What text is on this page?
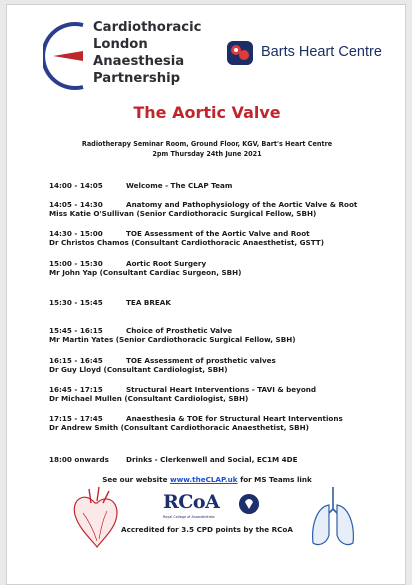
Cardiothoracic
London
Anaesthesia
Partnership
Barts Heart Centre
The Aortic Valve
Radiotherapy Seminar Room, Ground Floor, KGV, Bart's Heart Centre
2pm Thursday 24th June 2021
14:00 - 14:05	Welcome - The CLAP Team
14:05 - 14:30	Anatomy and Pathophysiology of the Aortic Valve & Root
Miss Katie O'Sullivan (Senior Cardiothoracic Surgical Fellow, SBH)
14:30 - 15:00	TOE Assessment of the Aortic Valve and Root
Dr Christos Chamos (Consultant Cardiothoracic Anaesthetist, GSTT)
15:00 - 15:30	Aortic Root Surgery
Mr John Yap (Consultant Cardiac Surgeon, SBH)
15:30 - 15:45	TEA BREAK
15:45 - 16:15	Choice of Prosthetic Valve
Mr Martin Yates (Senior Cardiothoracic Surgical Fellow, SBH)
16:15 - 16:45	TOE Assessment of prosthetic valves
Dr Guy Lloyd (Consultant Cardiologist, SBH)
16:45 - 17:15	Structural Heart Interventions - TAVI & beyond
Dr Michael Mullen (Consultant Cardiologist, SBH)
17:15 - 17:45	Anaesthesia & TOE for Structural Heart Interventions
Dr Andrew Smith (Consultant Cardiothoracic Anaesthetist, SBH)
18:00 onwards Drinks - Clerkenwell and Social, EC1M 4DE
See our website www.theCLAP.uk for MS Teams link
RCoA
Royal College of Anaesthetists
Accredited for 3.5 CPD points by the RCoA
